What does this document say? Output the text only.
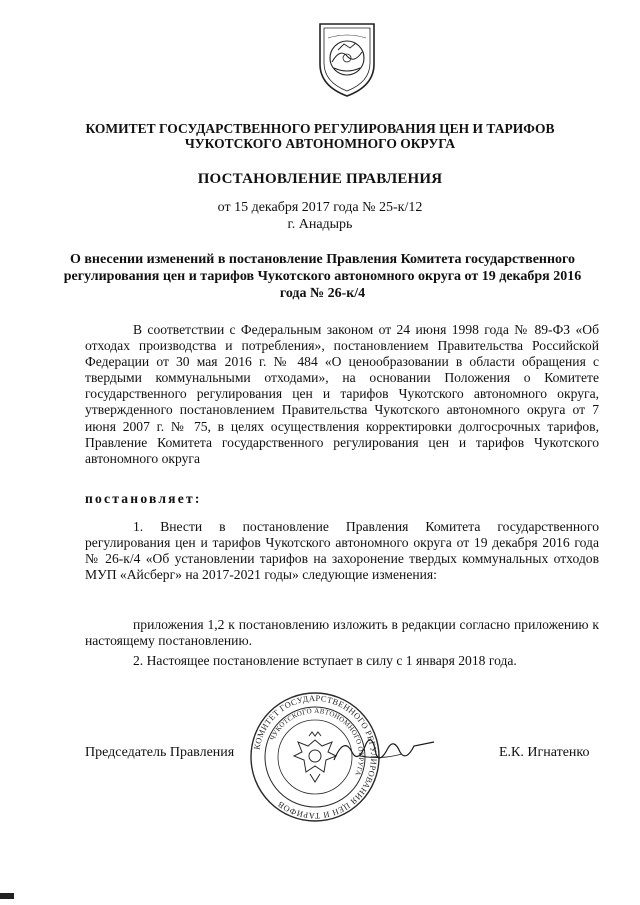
КОМИТЕТ ГОСУДАРСТВЕННОГО РЕГУЛИРОВАНИЯ ЦЕН И ТАРИФОВ
ЧУКОТСКОГО АВТОНОМНОГО ОКРУГА
ПОСТАНОВЛЕНИЕ ПРАВЛЕНИЯ
от 15 декабря 2017 года № 25-к/12
г. Анадырь
О внесении изменений в постановление Правления Комитета государственного регулирования цен и тарифов Чукотского автономного округа от 19 декабря 2016 года № 26-к/4
В соответствии с Федеральным законом от 24 июня 1998 года № 89-ФЗ «Об отходах производства и потребления», постановлением Правительства Российской Федерации от 30 мая 2016 г. № 484 «О ценообразовании в области обращения с твердыми коммунальными отходами», на основании Положения о Комитете государственного регулирования цен и тарифов Чукотского автономного округа, утвержденного постановлением Правительства Чукотского автономного округа от 7 июня 2007 г. № 75, в целях осуществления корректировки долгосрочных тарифов, Правление Комитета государственного регулирования цен и тарифов Чукотского автономного округа
постановляет:
1. Внести в постановление Правления Комитета государственного регулирования цен и тарифов Чукотского автономного округа от 19 декабря 2016 года № 26-к/4 «Об установлении тарифов на захоронение твердых коммунальных отходов МУП «Айсберг» на 2017-2021 годы» следующие изменения:
приложения 1,2 к постановлению изложить в редакции согласно приложению к настоящему постановлению.
2. Настоящее постановление вступает в силу с 1 января 2018 года.
Председатель Правления	Е.К. Игнатенко
КОМИТЕТ ГОСУДАРСТВЕННОГО РЕГУЛИРОВАНИЯ ЦЕН И ТАРИФОВ
ЧУКОТСКОГО АВТОНОМНОГО ОКРУГА
